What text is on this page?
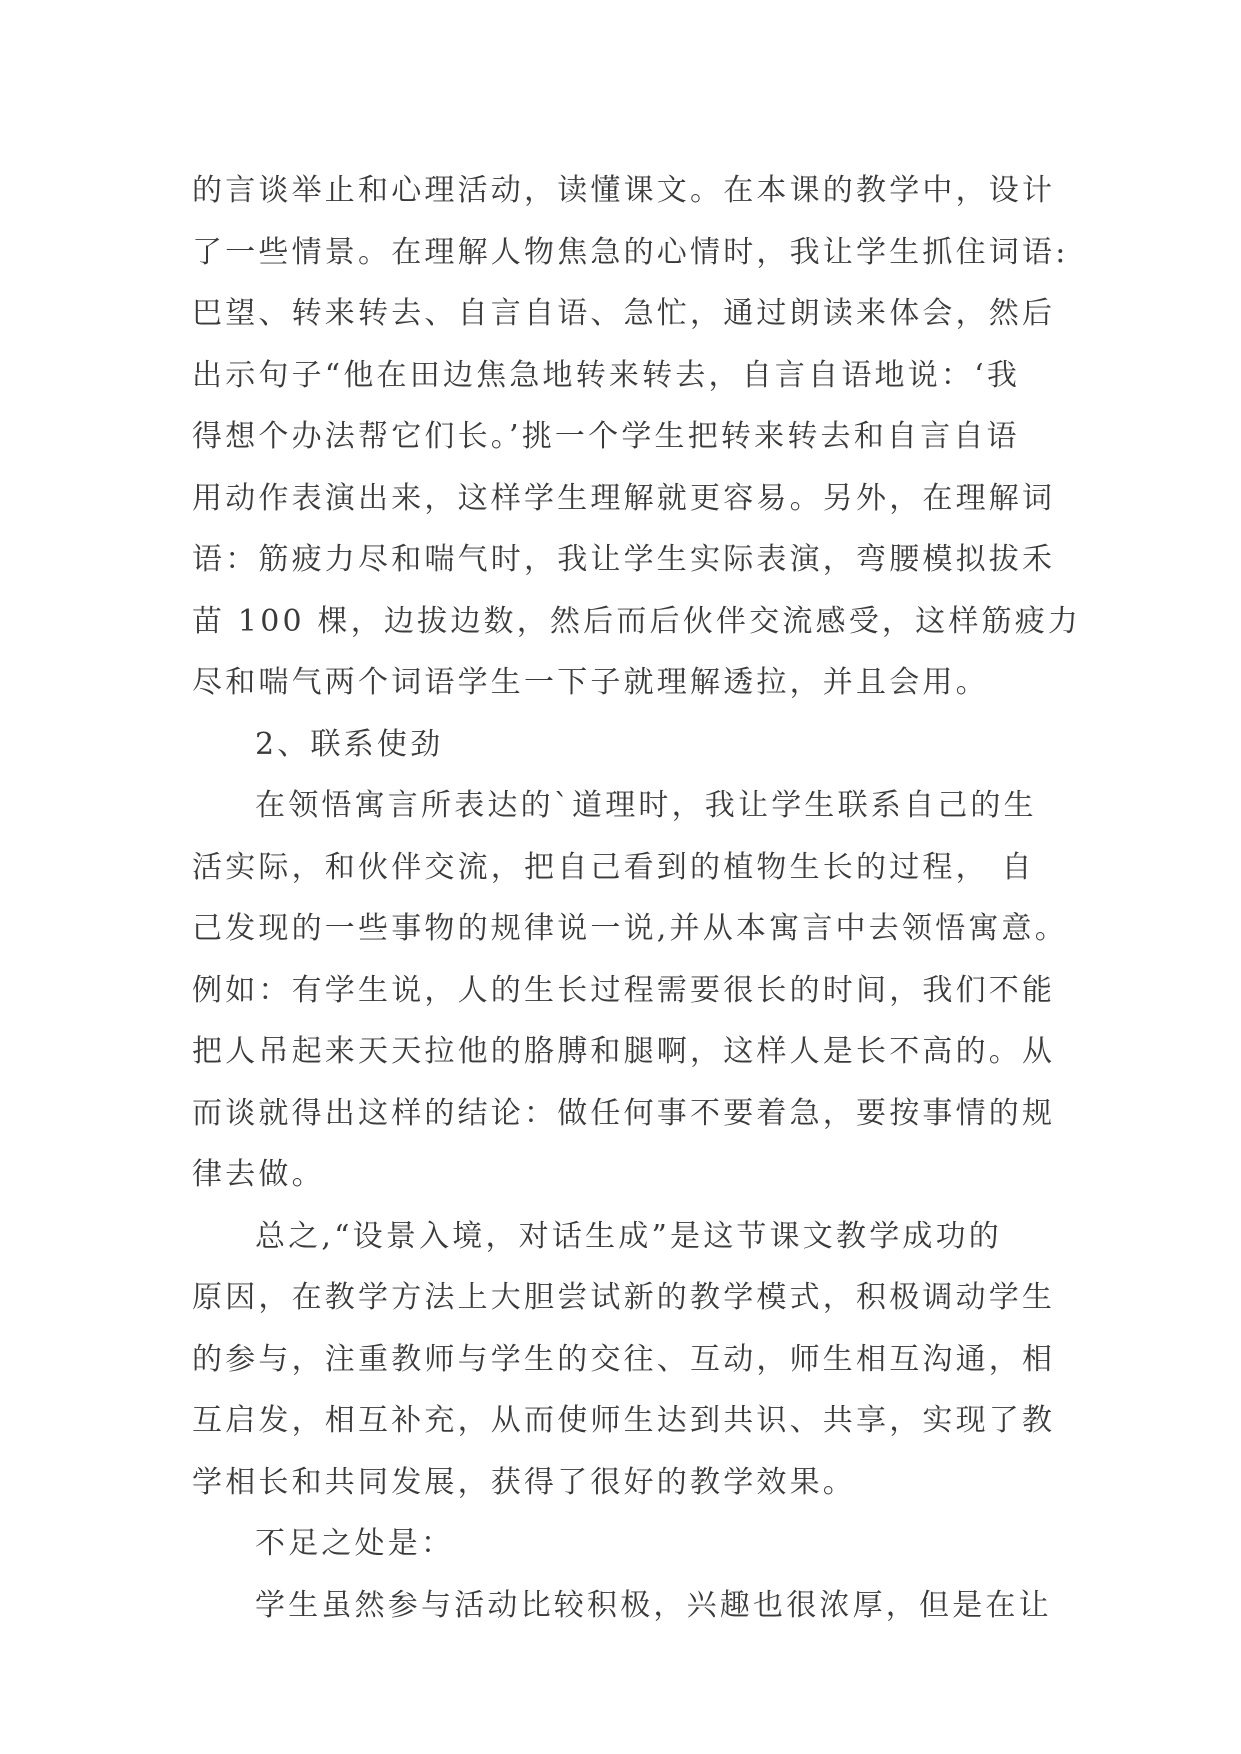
的言谈举止和心理活动，读懂课文。在本课的教学中，设计
了一些情景。在理解人物焦急的心情时，我让学生抓住词语:
巴望、转来转去、自言自语、急忙，通过朗读来体会，然后
出示句子“他在田边焦急地转来转去，自言自语地说：‘我
得想个办法帮它们长。’挑一个学生把转来转去和自言自语
用动作表演出来，这样学生理解就更容易。另外，在理解词
语：筋疲力尽和喘气时，我让学生实际表演，弯腰模拟拔禾
苗 100 棵，边拔边数，然后而后伙伴交流感受，这样筋疲力
尽和喘气两个词语学生一下子就理解透拉，并且会用。
2、联系使劲
在领悟寓言所表达的`道理时，我让学生联系自己的生
活实际，和伙伴交流，把自己看到的植物生长的过程， 自
己发现的一些事物的规律说一说,并从本寓言中去领悟寓意。
例如：有学生说，人的生长过程需要很长的时间，我们不能
把人吊起来天天拉他的胳膊和腿啊，这样人是长不高的。从
而谈就得出这样的结论：做任何事不要着急，要按事情的规
律去做。
总之,“设景入境，对话生成”是这节课文教学成功的
原因，在教学方法上大胆尝试新的教学模式，积极调动学生
的参与，注重教师与学生的交往、互动，师生相互沟通，相
互启发，相互补充，从而使师生达到共识、共享，实现了教
学相长和共同发展，获得了很好的教学效果。
不足之处是：
学生虽然参与活动比较积极，兴趣也很浓厚，但是在让
